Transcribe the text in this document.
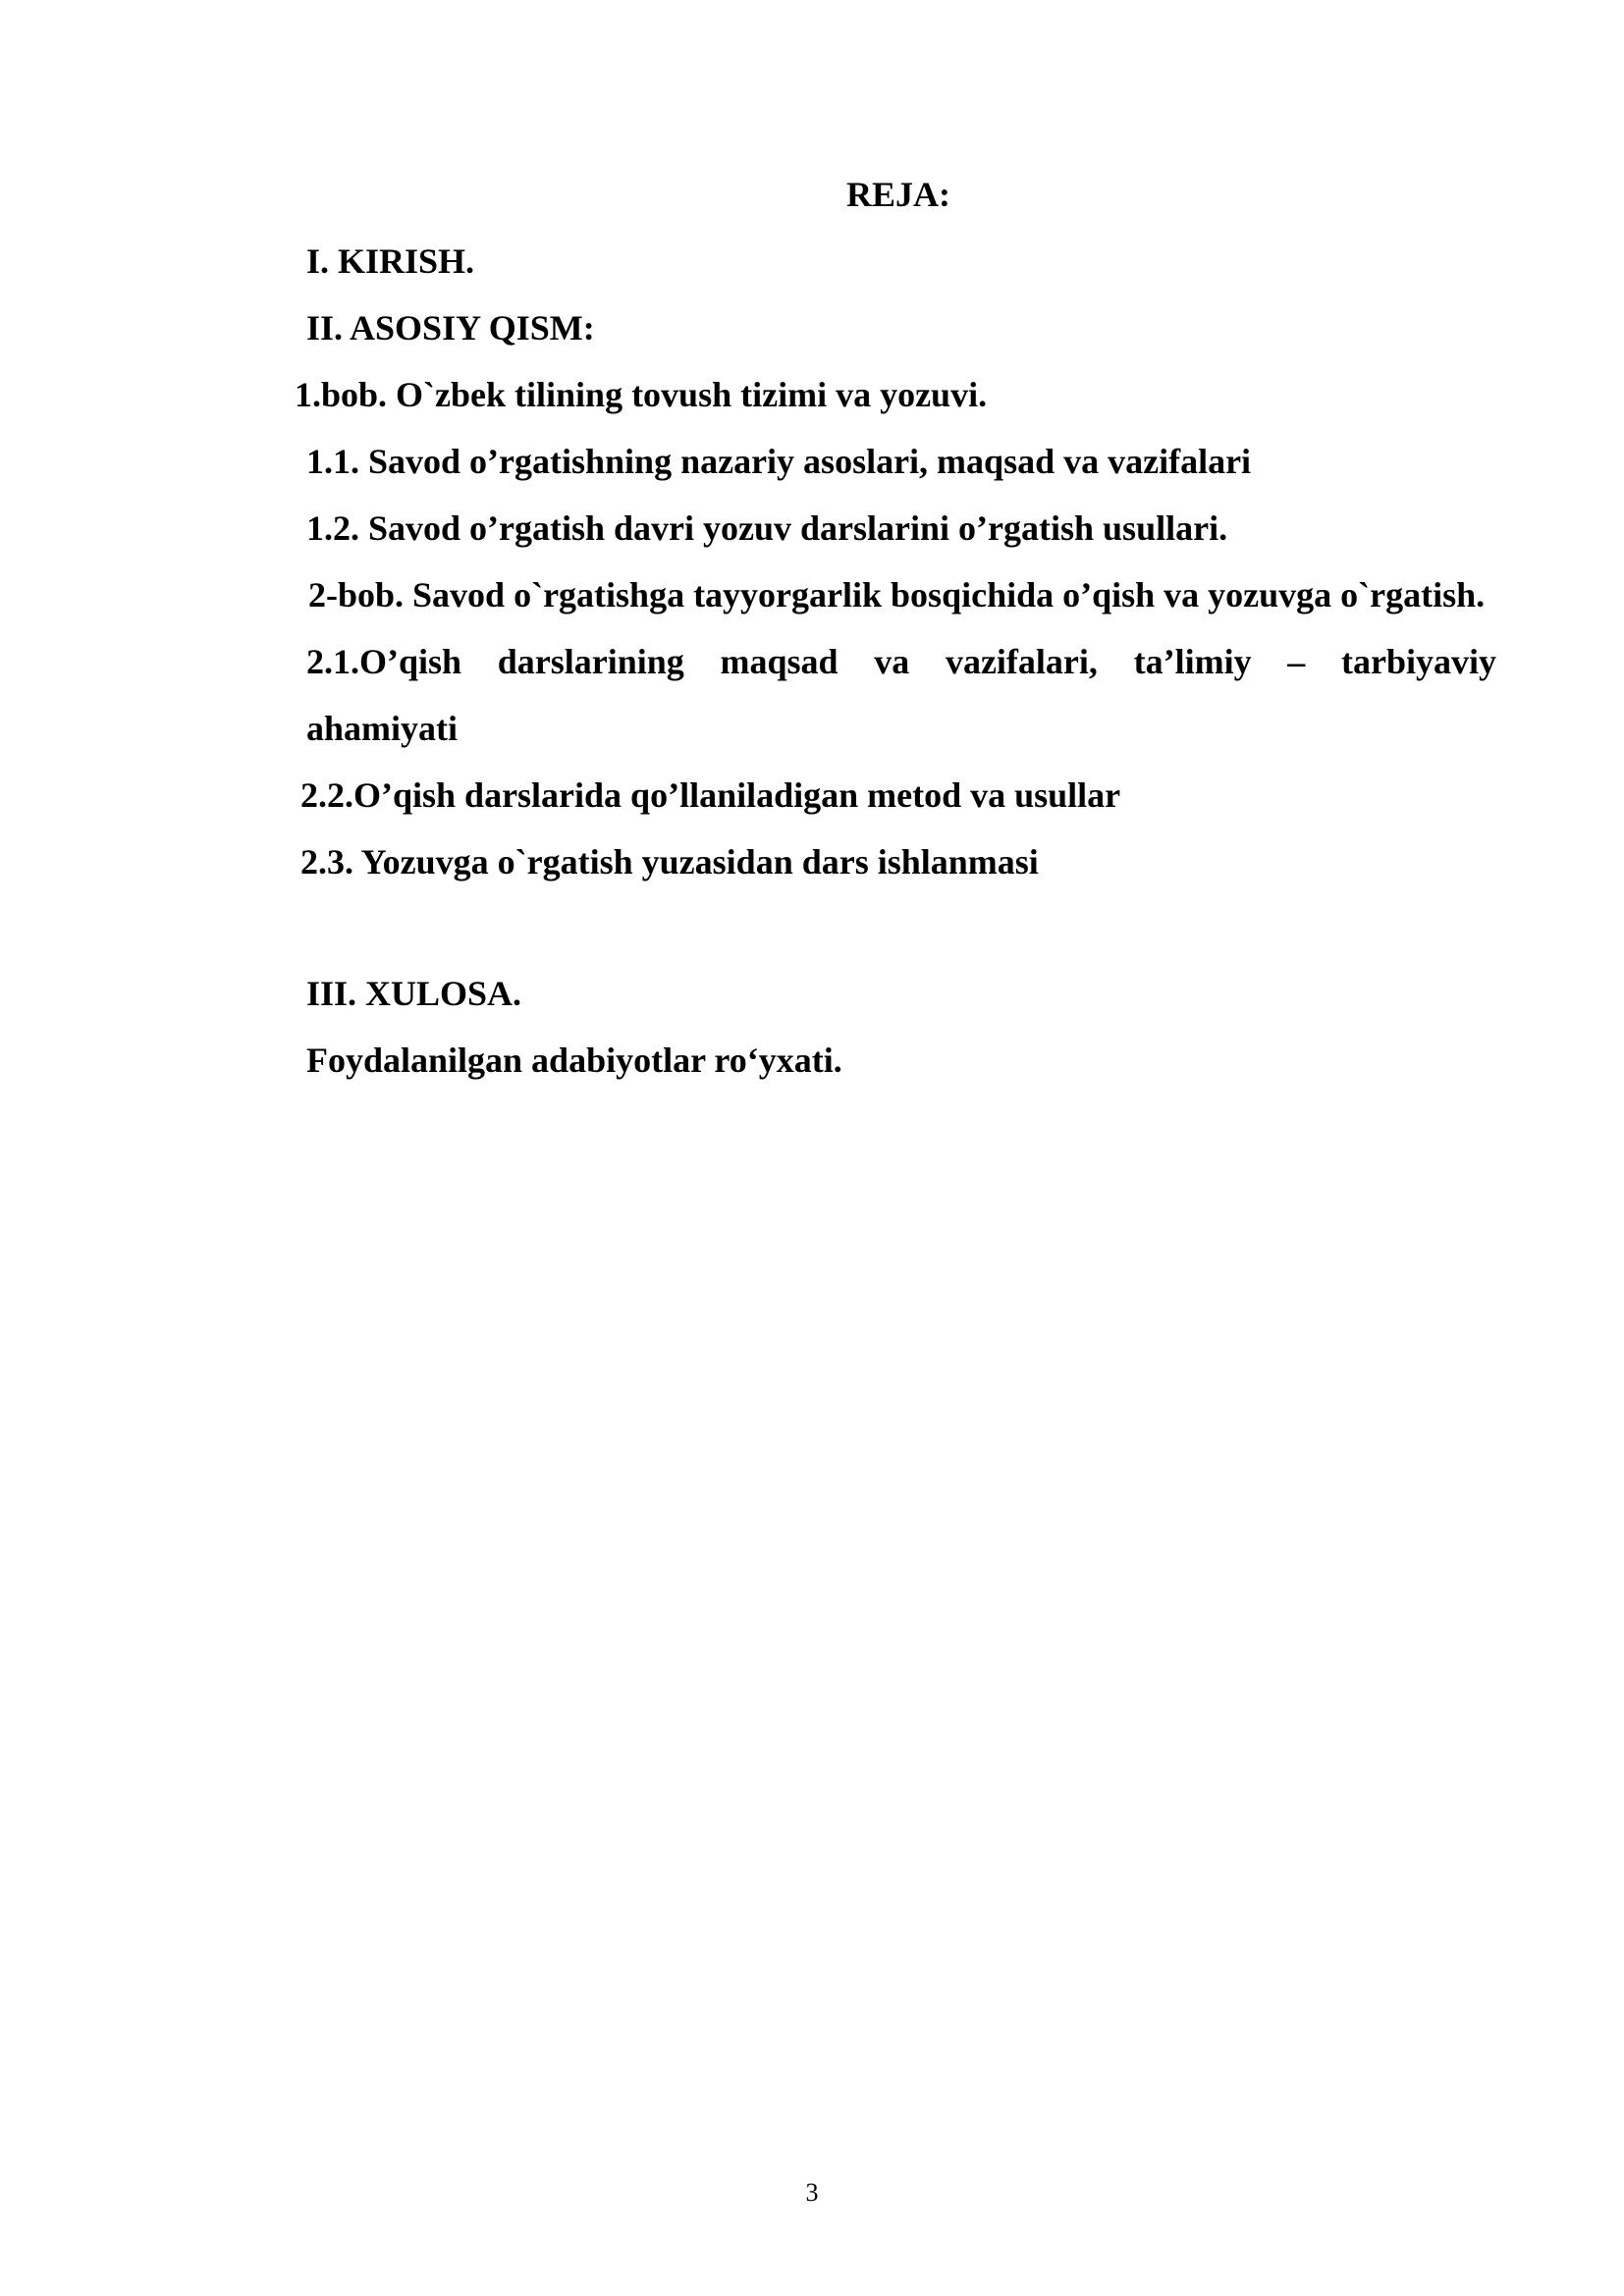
REJA:
I. KIRISH.
II. ASOSIY QISM:
1.bob. O`zbek tilining tovush tizimi va yozuvi.
1.1. Savod o’rgatishning nazariy asoslari, maqsad va vazifalari
1.2. Savod o’rgatish davri yozuv darslarini o’rgatish usullari.
2-bob. Savod o`rgatishga tayyorgarlik bosqichida o’qish va yozuvga o`rgatish.
2.1.O’qish darslarining maqsad va vazifalari, ta’limiy – tarbiyaviy
ahamiyati
2.2.O’qish darslarida qo’llaniladigan metod va usullar
2.3. Yozuvga o`rgatish yuzasidan dars ishlanmasi
III. XULOSA.
Foydalanilgan adabiyotlar ro‘yxati.
3
